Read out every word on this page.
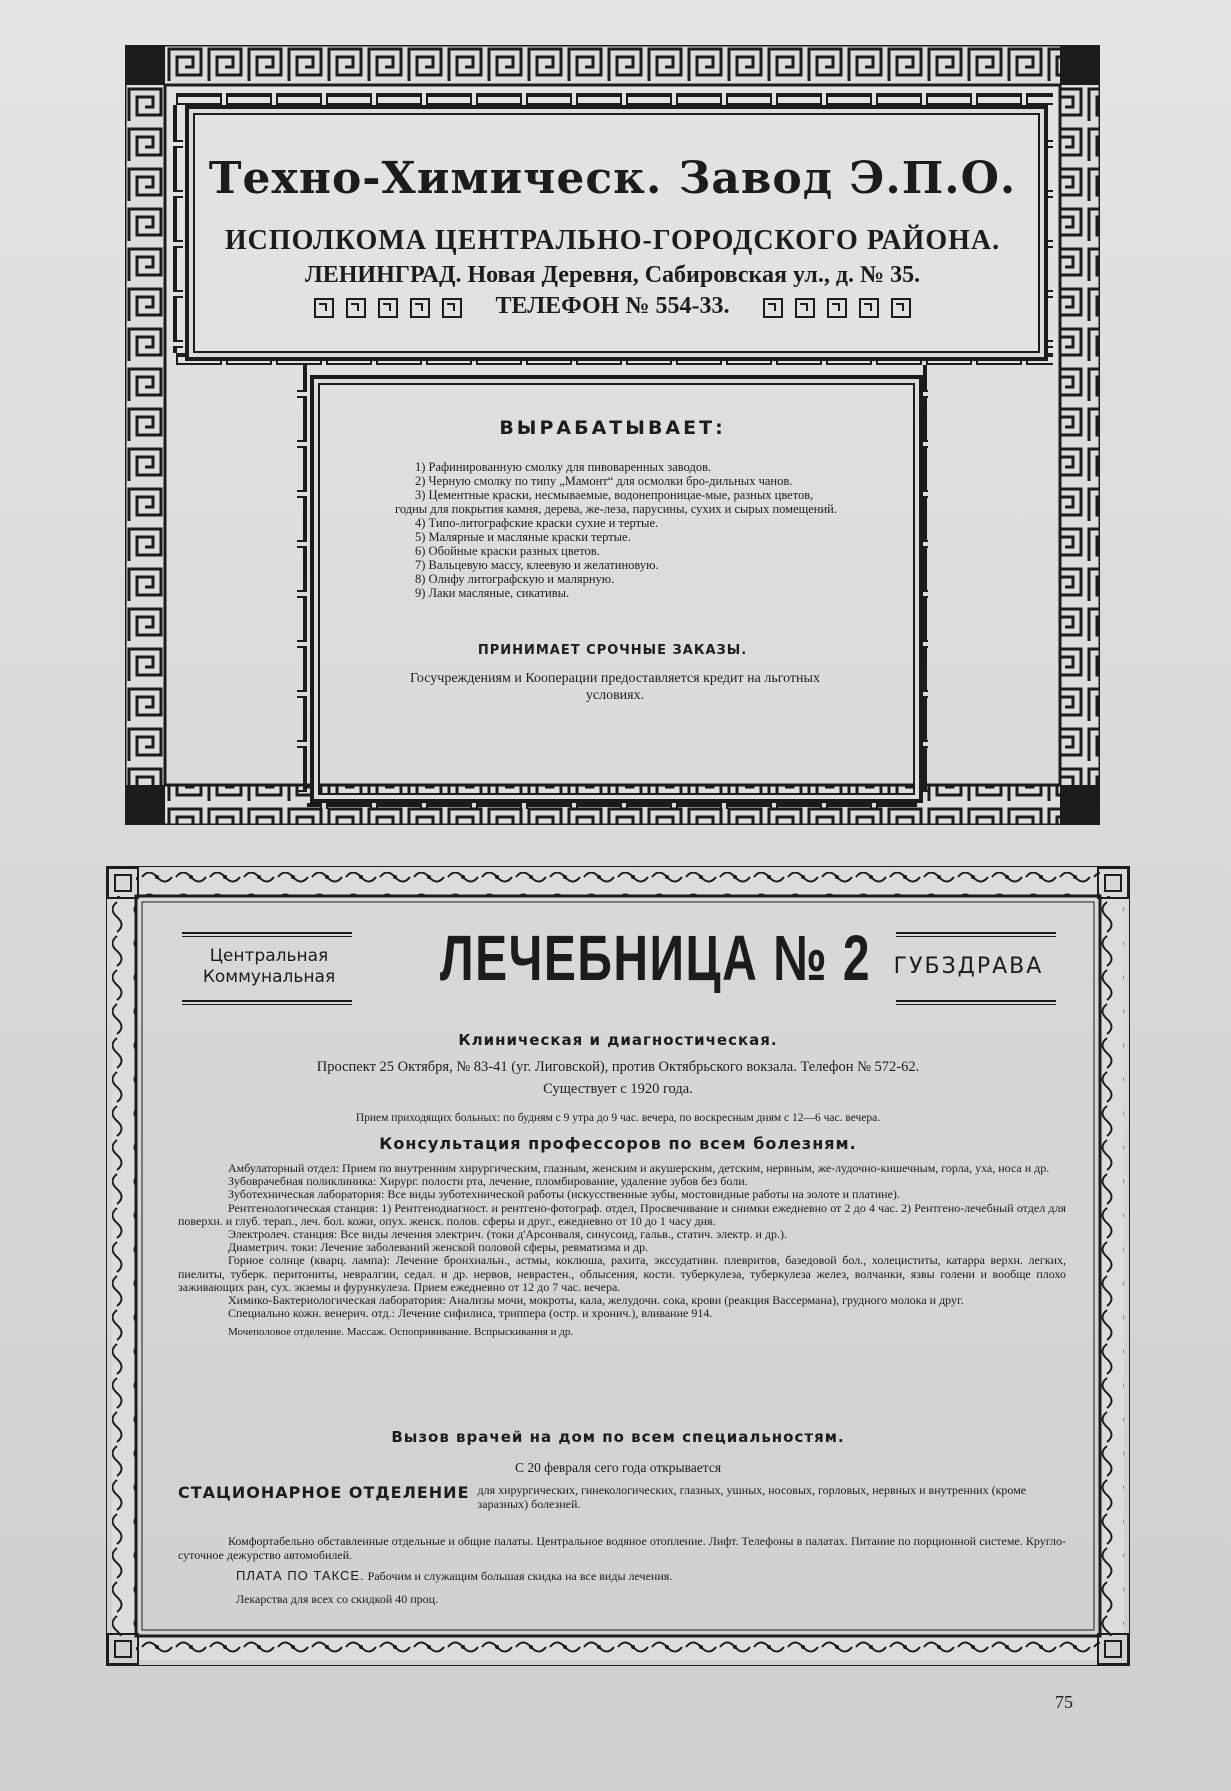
Техно-Химическ. Завод Э.П.О.
ИСПОЛКОМА ЦЕНТРАЛЬНО-ГОРОДСКОГО РАЙОНА.
ЛЕНИНГРАД. Новая Деревня, Сабировская ул., д. № 35.
ТЕЛЕФОН № 554-33.
ВЫРАБАТЫВАЕТ:
1) Рафинированную смолку для пивоваренных заводов.
2) Черную смолку по типу „Мамонт“ для осмолки бро-дильных чанов.
3) Цементные краски, несмываемые, водонепроницае-мые, разных цветов, годны для покрытия камня, дерева, же-леза, парусины, сухих и сырых помещений.
4) Типо-литографские краски сухие и тертые.
5) Малярные и масляные краски тертые.
6) Обойные краски разных цветов.
7) Вальцевую массу, клеевую и желатиновую.
8) Олифу литографскую и малярную.
9) Лаки масляные, сикативы.
ПРИНИМАЕТ СРОЧНЫЕ ЗАКАЗЫ.
Госучреждениям и Кооперации предоставляется кредит на льготных условиях.
Центральная
Коммунальная ЛЕЧЕБНИЦА № 2	ГУБЗДРАВА
Клиническая и диагностическая.
Проспект 25 Октября, № 83-41 (уг. Лиговской), против Октябрьского вокзала. Телефон № 572-62.
Существует с 1920 года.
Прием приходящих больных: по будням с 9 утра до 9 час. вечера, по воскресным дням с 12—6 час. вечера.
Консультация профессоров по всем болезням.
Амбулаторный отдел: Прием по внутренним хирургическим, глазным, женским и акушерским, детским, нервным, же-лудочно-кишечным, горла, уха, носа и др.
Зубоврачебная поликлиника: Хирург. полости рта, лечение, пломбирование, удаление зубов без боли.
Зуботехническая лаборатория: Все виды зуботехнической работы (искусственные зубы, мостовидные работы на золоте и платине).
Рентгенологическая станция: 1) Рентгенодиагност. и рентгено-фотограф. отдел, Просвечивание и снимки ежедневно от 2 до 4 час. 2) Рентгено-лечебный отдел для поверхн. и глуб. терап., леч. бол. кожи, опух. женск. полов. сферы и друг., ежедневно от 10 до 1 часу дня.
Электролеч. станция: Все виды лечения электрич. (токи д'Арсонваля, синусоид, гальв., статич. электр. и др.).
Диаметрич. токи: Лечение заболеваний женской половой сферы, ревматизма и др.
Горное солнце (кварц. лампа): Лечение бронхиальн., астмы, коклюша, рахита, экссудативн. плевритов, базедовой бол., холециститы, катарра верхн. легких, пиелиты, туберк. перитониты, невралгии, седал. и др. нервов, неврастен., облысения, кости. туберкулеза, туберкулеза желез, волчанки, язвы голени и вообще плохо заживающих ран, сух. экземы и фурункулеза. Прием ежедневно от 12 до 7 час. вечера.
Химико-Бактериологическая лаборатория: Анализы мочи, мокроты, кала, желудочн. сока, крови (реакция Вассермана), грудного молока и друг.
Специально кожн. венерич. отд.: Лечение сифилиса, триппера (остр. и хронич.), вливание 914.
Мочеполовое отделение. Массаж. Оспопрививание. Вспрыскивания и др.
Вызов врачей на дом по всем специальностям.
С 20 февраля сего года открывается
СТАЦИОНАРНОЕ ОТДЕЛЕНИЕ для хирургических, гинекологических, глазных, ушных, носовых, горловых, нервных и внутренних (кроме заразных) болезней.
Комфортабельно обставленные отдельные и общие палаты. Центральное водяное отопление. Лифт. Телефоны в палатах. Питание по порционной системе. Кругло-суточное дежурство автомобилей.
ПЛАТА ПО ТАКСЕ. Рабочим и служащим большая скидка на все виды лечения.
Лекарства для всех со скидкой 40 проц.
75
